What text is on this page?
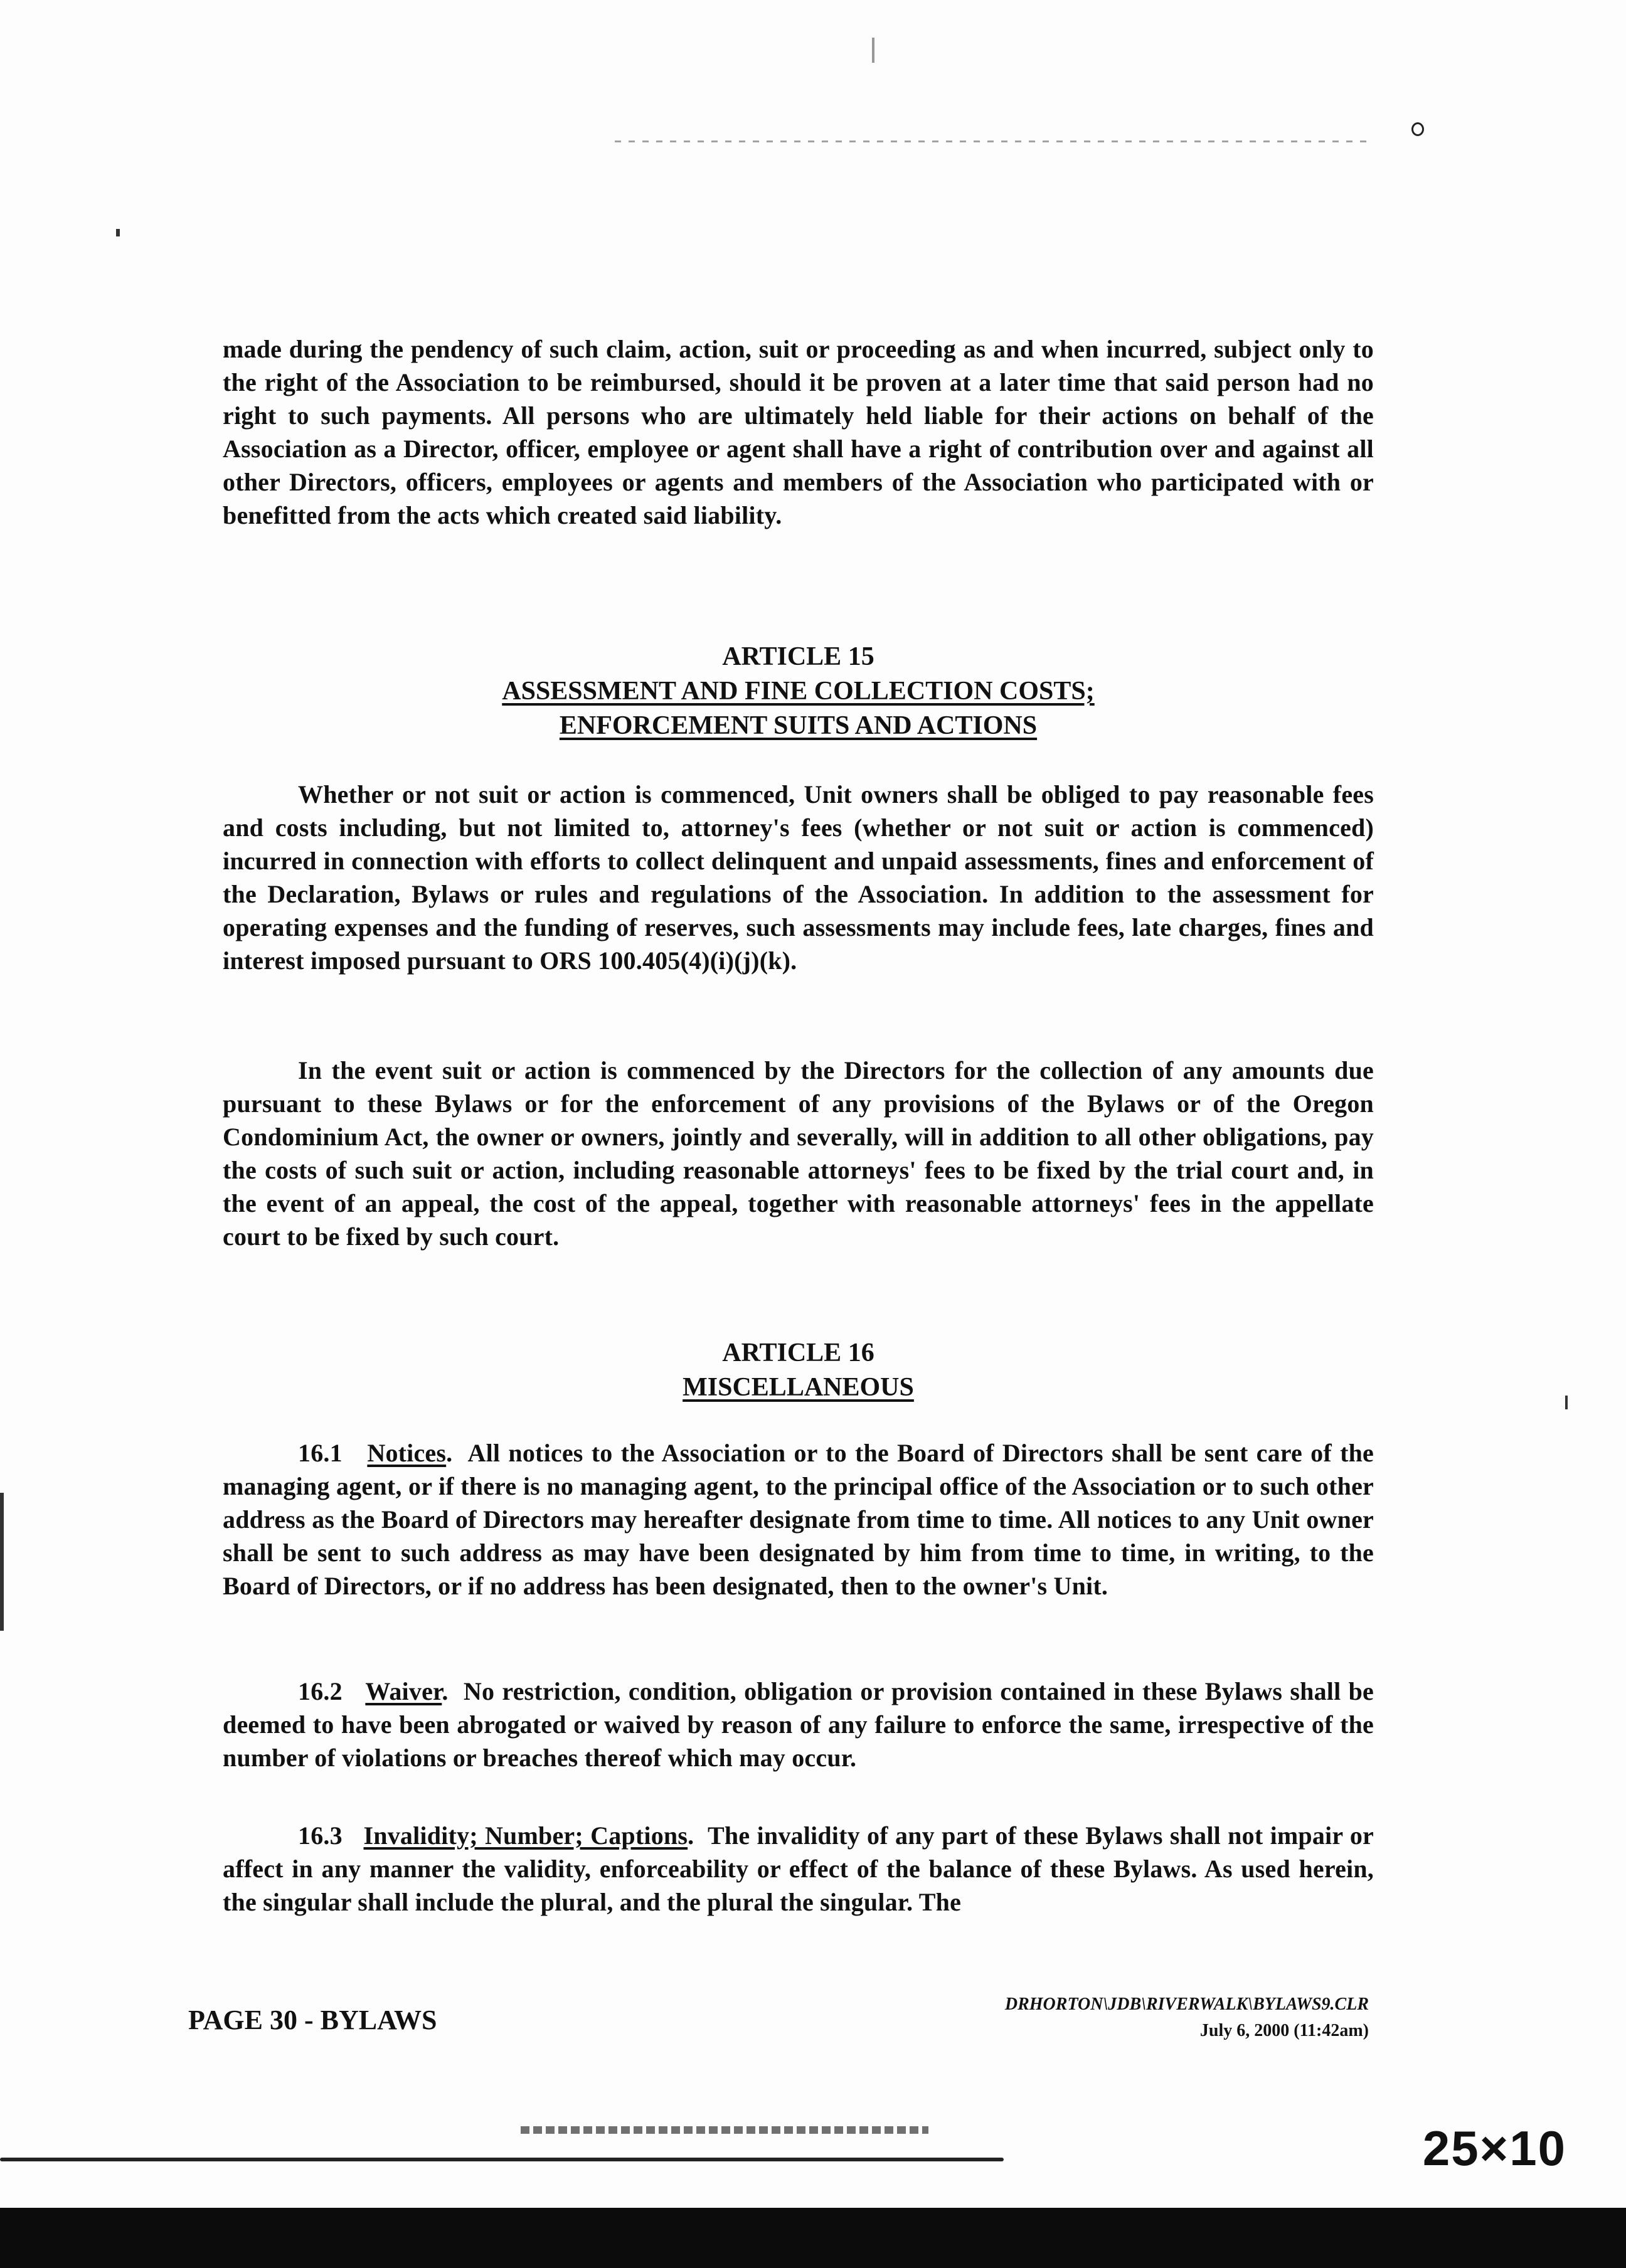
made during the pendency of such claim, action, suit or proceeding as and when incurred, subject only to the right of the Association to be reimbursed, should it be proven at a later time that said person had no right to such payments. All persons who are ultimately held liable for their actions on behalf of the Association as a Director, officer, employee or agent shall have a right of contribution over and against all other Directors, officers, employees or agents and members of the Association who participated with or benefitted from the acts which created said liability.
ARTICLE 15
ASSESSMENT AND FINE COLLECTION COSTS;
ENFORCEMENT SUITS AND ACTIONS
Whether or not suit or action is commenced, Unit owners shall be obliged to pay reasonable fees and costs including, but not limited to, attorney's fees (whether or not suit or action is commenced) incurred in connection with efforts to collect delinquent and unpaid assessments, fines and enforcement of the Declaration, Bylaws or rules and regulations of the Association. In addition to the assessment for operating expenses and the funding of reserves, such assessments may include fees, late charges, fines and interest imposed pursuant to ORS 100.405(4)(i)(j)(k).
In the event suit or action is commenced by the Directors for the collection of any amounts due pursuant to these Bylaws or for the enforcement of any provisions of the Bylaws or of the Oregon Condominium Act, the owner or owners, jointly and severally, will in addition to all other obligations, pay the costs of such suit or action, including reasonable attorneys' fees to be fixed by the trial court and, in the event of an appeal, the cost of the appeal, together with reasonable attorneys' fees in the appellate court to be fixed by such court.
ARTICLE 16
MISCELLANEOUS
16.1 Notices.  All notices to the Association or to the Board of Directors shall be sent care of the managing agent, or if there is no managing agent, to the principal office of the Association or to such other address as the Board of Directors may hereafter designate from time to time. All notices to any Unit owner shall be sent to such address as may have been designated by him from time to time, in writing, to the Board of Directors, or if no address has been designated, then to the owner's Unit.
16.2 Waiver.  No restriction, condition, obligation or provision contained in these Bylaws shall be deemed to have been abrogated or waived by reason of any failure to enforce the same, irrespective of the number of violations or breaches thereof which may occur.
16.3 Invalidity; Number; Captions.  The invalidity of any part of these Bylaws shall not impair or affect in any manner the validity, enforceability or effect of the balance of these Bylaws. As used herein, the singular shall include the plural, and the plural the singular. The
PAGE 30 - BYLAWS
DRHORTON\JDB\RIVERWALK\BYLAWS9.CLR
July 6, 2000 (11:42am)
25×10
